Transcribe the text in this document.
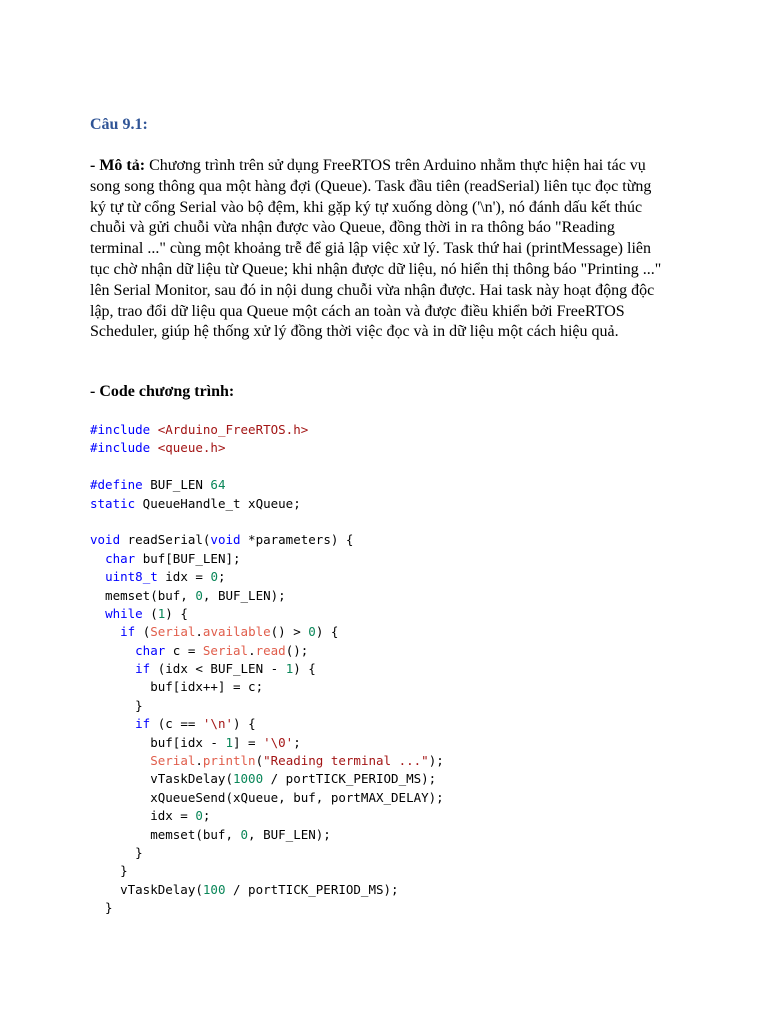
Câu 9.1:
- Mô tả: Chương trình trên sử dụng FreeRTOS trên Arduino nhằm thực hiện hai tác vụ song song thông qua một hàng đợi (Queue). Task đầu tiên (readSerial) liên tục đọc từng ký tự từ cổng Serial vào bộ đệm, khi gặp ký tự xuống dòng ('\n'), nó đánh dấu kết thúc chuỗi và gửi chuỗi vừa nhận được vào Queue, đồng thời in ra thông báo "Reading terminal ..." cùng một khoảng trễ để giả lập việc xử lý. Task thứ hai (printMessage) liên tục chờ nhận dữ liệu từ Queue; khi nhận được dữ liệu, nó hiển thị thông báo "Printing ..." lên Serial Monitor, sau đó in nội dung chuỗi vừa nhận được. Hai task này hoạt động độc lập, trao đổi dữ liệu qua Queue một cách an toàn và được điều khiển bởi FreeRTOS Scheduler, giúp hệ thống xử lý đồng thời việc đọc và in dữ liệu một cách hiệu quả.
- Code chương trình:
#include <Arduino_FreeRTOS.h>
#include <queue.h>
#define BUF_LEN 64
static QueueHandle_t xQueue;
void readSerial(void *parameters) {
char buf[BUF_LEN];
uint8_t idx = 0;
memset(buf, 0, BUF_LEN);
while (1) {
if (Serial.available() > 0) {
char c = Serial.read();
if (idx < BUF_LEN - 1) {
buf[idx++] = c;
}
if (c == '\n') {
buf[idx - 1] = '\0';
Serial.println("Reading terminal ...");
vTaskDelay(1000 / portTICK_PERIOD_MS);
xQueueSend(xQueue, buf, portMAX_DELAY);
idx = 0;
memset(buf, 0, BUF_LEN);
}
}
vTaskDelay(100 / portTICK_PERIOD_MS);
}
